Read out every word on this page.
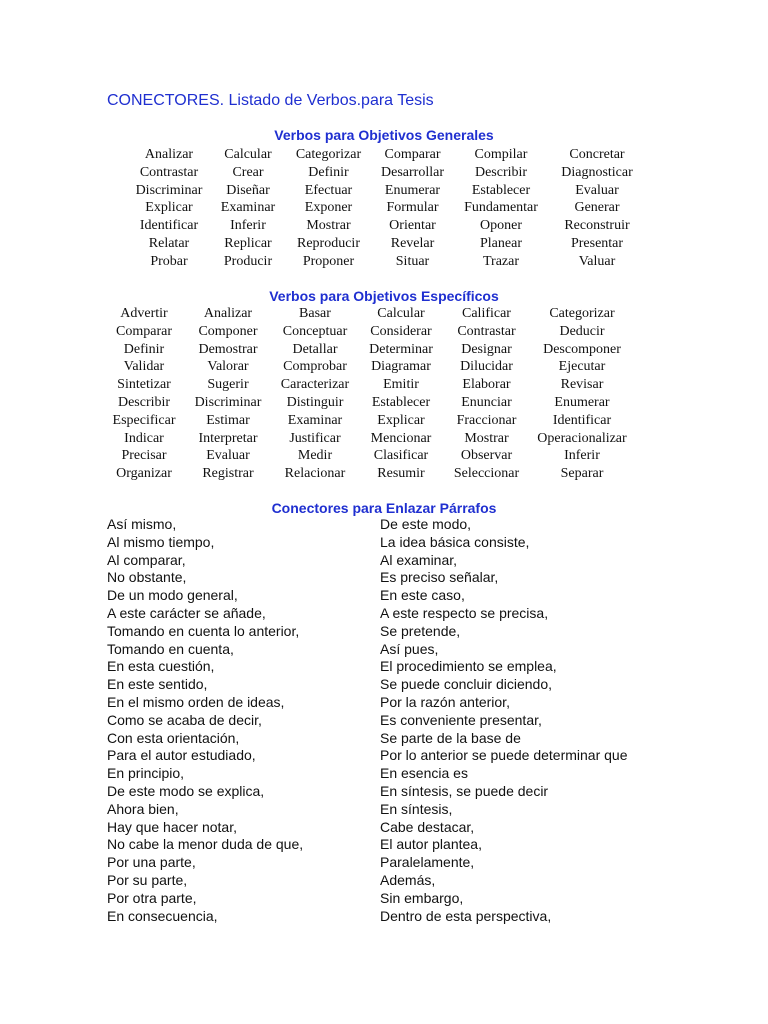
CONECTORES. Listado de Verbos.para Tesis
Verbos para Objetivos Generales
Analizar	Calcular	Categorizar	Comparar	Compilar	Concretar
Contrastar	Crear	Definir	Desarrollar	Describir	Diagnosticar
Discriminar	Diseñar	Efectuar	Enumerar	Establecer	Evaluar
Explicar	Examinar	Exponer	Formular	Fundamentar	Generar
Identificar	Inferir	Mostrar	Orientar	Oponer	Reconstruir
Relatar	Replicar	Reproducir	Revelar	Planear	Presentar
Probar	Producir	Proponer	Situar	Trazar	Valuar
Verbos para Objetivos Específicos
Advertir	Analizar	Basar	Calcular	Calificar	Categorizar
Comparar	Componer	Conceptuar	Considerar	Contrastar	Deducir
Definir	Demostrar	Detallar	Determinar	Designar	Descomponer
Validar	Valorar	Comprobar	Diagramar	Dilucidar	Ejecutar
Sintetizar	Sugerir	Caracterizar	Emitir	Elaborar	Revisar
Describir	Discriminar	Distinguir	Establecer	Enunciar	Enumerar
Especificar	Estimar	Examinar	Explicar	Fraccionar	Identificar
Indicar	Interpretar	Justificar	Mencionar	Mostrar	Operacionalizar
Precisar	Evaluar	Medir	Clasificar	Observar	Inferir
Organizar	Registrar	Relacionar	Resumir	Seleccionar	Separar
Conectores para Enlazar Párrafos
Así mismo,
Al mismo tiempo,
Al comparar,
No obstante,
De un modo general,
A este carácter se añade,
Tomando en cuenta lo anterior,
Tomando en cuenta,
En esta cuestión,
En este sentido,
En el mismo orden de ideas,
Como se acaba de decir,
Con esta orientación,
Para el autor estudiado,
En principio,
De este modo se explica,
Ahora bien,
Hay que hacer notar,
No cabe la menor duda de que,
Por una parte,
Por su parte,
Por otra parte,
En consecuencia,
De este modo,
La idea básica consiste,
Al examinar,
Es preciso señalar,
En este caso,
A este respecto se precisa,
Se pretende,
Así pues,
El procedimiento se emplea,
Se puede concluir diciendo,
Por la razón anterior,
Es conveniente presentar,
Se parte de la base de
Por lo anterior se puede determinar que
En esencia es
En síntesis, se puede decir
En síntesis,
Cabe destacar,
El autor plantea,
Paralelamente,
Además,
Sin embargo,
Dentro de esta perspectiva,
